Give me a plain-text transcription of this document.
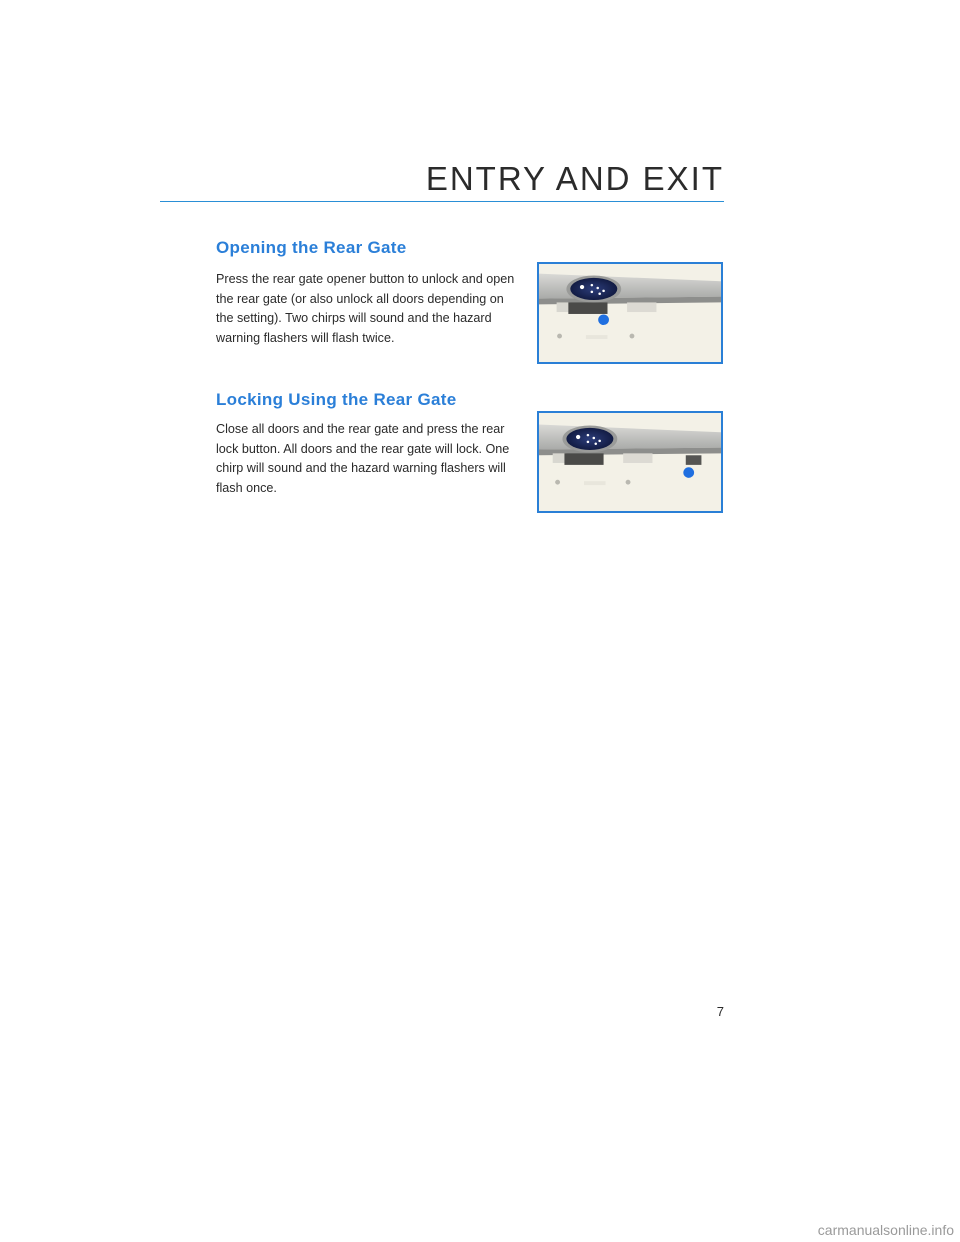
ENTRY AND EXIT
Opening the Rear Gate

Press the rear gate opener button to unlock and open the rear gate (or also unlock all doors depending on the setting). Two chirps will sound and the hazard warning flashers will flash twice.

Locking Using the Rear Gate

Close all doors and the rear gate and press the rear lock button. All doors and the rear gate will lock. One chirp will sound and the hazard warning flashers will flash once.

7
carmanualsonline.info
